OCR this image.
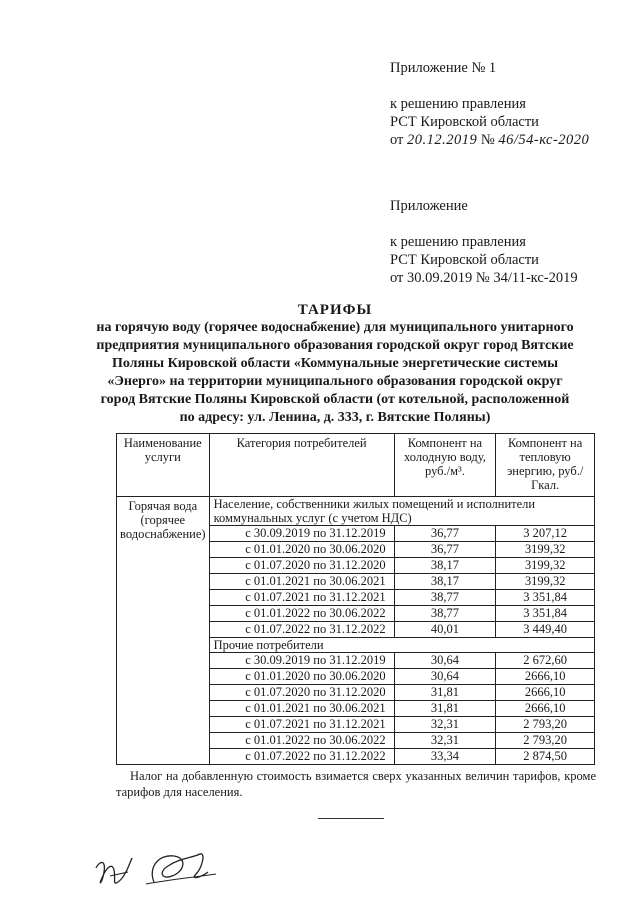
Приложение № 1
к решению правления
РСТ Кировской области
от 20.12.2019 № 46/54-кс-2020
Приложение
к решению правления
РСТ Кировской области
от 30.09.2019 № 34/11-кс-2019
ТАРИФЫ
на горячую воду (горячее водоснабжение) для муниципального унитарного
предприятия муниципального образования городской округ город Вятские
Поляны Кировской области «Коммунальные энергетические системы
«Энерго» на территории муниципального образования городской округ
город Вятские Поляны Кировской области (от котельной, расположенной
по адресу: ул. Ленина, д. 333, г. Вятские Поляны)
Наименование услуги	Категория потребителей	Компонент на холодную воду, руб./м³.	Компонент на тепловую энергию, руб./Гкал.
Горячая вода (горячее водоснабжение)	Население, собственники жилых помещений и исполнители коммунальных услуг (с учетом НДС)		
	с 30.09.2019 по 31.12.2019	36,77	3 207,12
	с 01.01.2020 по 30.06.2020	36,77	3199,32
	с 01.07.2020 по 31.12.2020	38,17	3199,32
	с 01.01.2021 по 30.06.2021	38,17	3199,32
	с 01.07.2021 по 31.12.2021	38,77	3 351,84
	с 01.01.2022 по 30.06.2022	38,77	3 351,84
	с 01.07.2022 по 31.12.2022	40,01	3 449,40
	Прочие потребители		
	с 30.09.2019 по 31.12.2019	30,64	2 672,60
	с 01.01.2020 по 30.06.2020	30,64	2666,10
	с 01.07.2020 по 31.12.2020	31,81	2666,10
	с 01.01.2021 по 30.06.2021	31,81	2666,10
	с 01.07.2021 по 31.12.2021	32,31	2 793,20
	с 01.01.2022 по 30.06.2022	32,31	2 793,20
	с 01.07.2022 по 31.12.2022	33,34	2 874,50
Налог на добавленную стоимость взимается сверх указанных величин тарифов, кроме тарифов для населения.
